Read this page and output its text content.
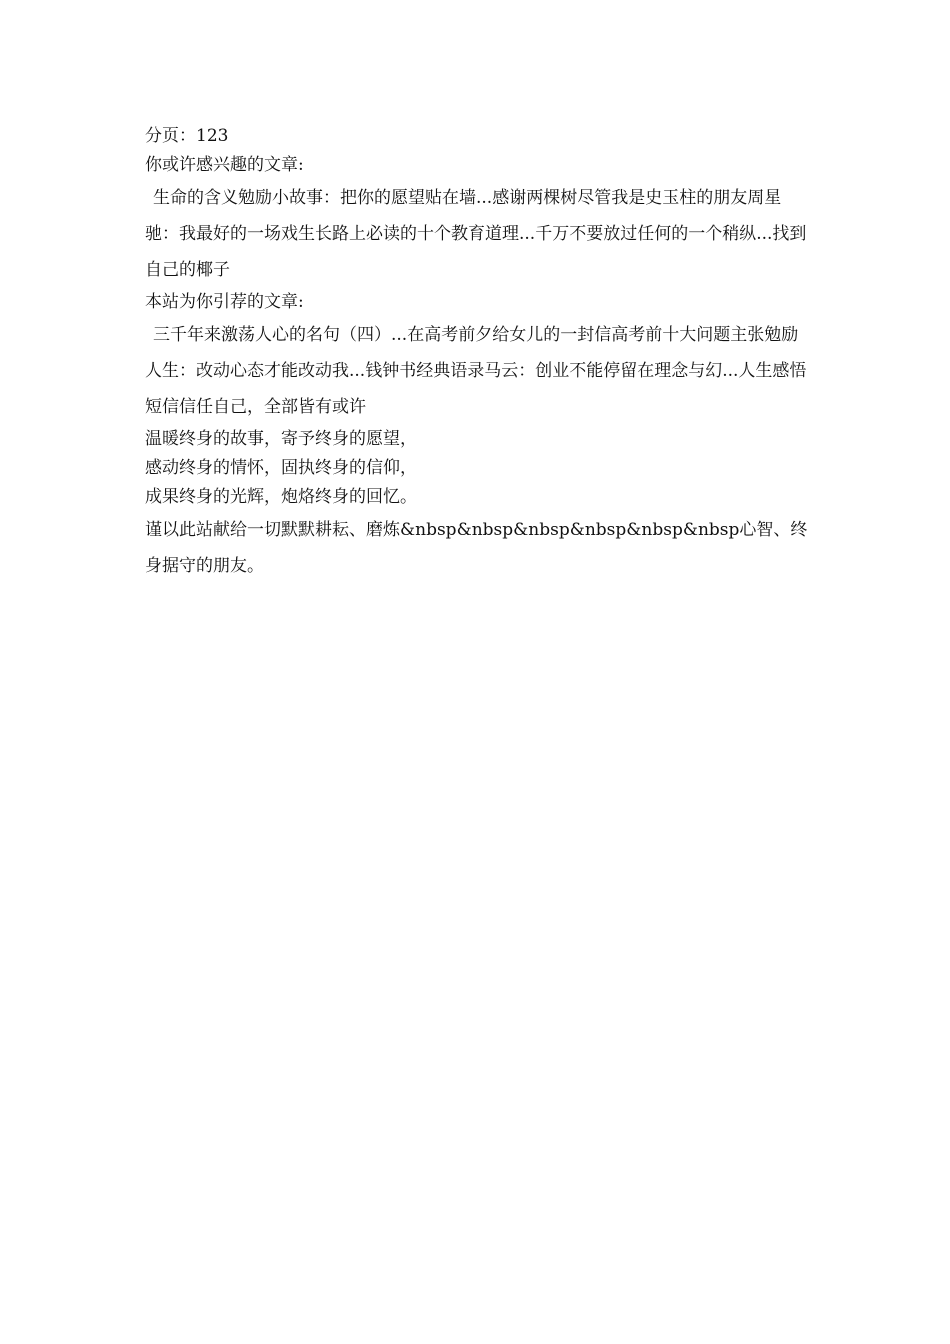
分页：123
你或许感兴趣的文章:

生命的含义勉励小故事：把你的愿望贴在墙...感谢两棵树尽管我是史玉柱的朋友周星驰：我最好的一场戏生长路上必读的十个教育道理...千万不要放过任何的一个稍纵...找到自己的椰子

本站为你引荐的文章:

三千年来激荡人心的名句（四）...在高考前夕给女儿的一封信高考前十大问题主张勉励人生：改动心态才能改动我...钱钟书经典语录马云：创业不能停留在理念与幻...人生感悟短信信任自己，全部皆有或许

温暖终身的故事，寄予终身的愿望，
感动终身的情怀，固执终身的信仰，
成果终身的光辉，炮烙终身的回忆。

谨以此站献给一切默默耕耘、磨炼&nbsp&nbsp&nbsp&nbsp&nbsp&nbsp心智、终身据守的朋友。
